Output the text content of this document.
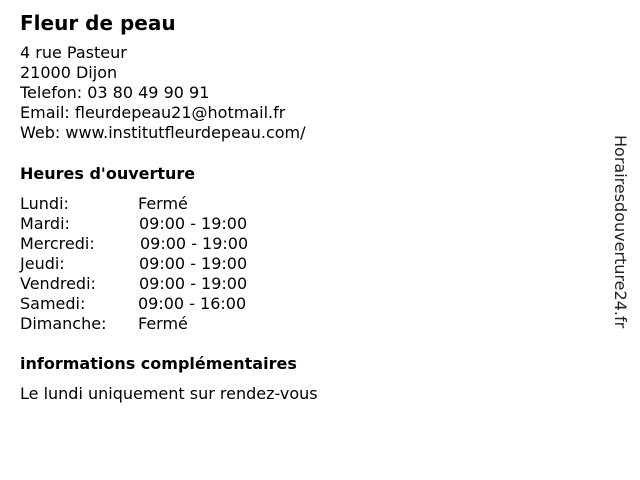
Fleur de peau
4 rue Pasteur
21000 Dijon
Telefon: 03 80 49 90 91
Email: fleurdepeau21@hotmail.fr
Web: www.institutfleurdepeau.com/
Heures d'ouverture
Lundi:	Fermé
Mardi:	09:00 - 19:00
Mercredi:	09:00 - 19:00
Jeudi:	09:00 - 19:00
Vendredi:	09:00 - 19:00
Samedi:	09:00 - 16:00
Dimanche: Fermé
informations complémentaires
Le lundi uniquement sur rendez-vous
Horairesdouverture24.fr
